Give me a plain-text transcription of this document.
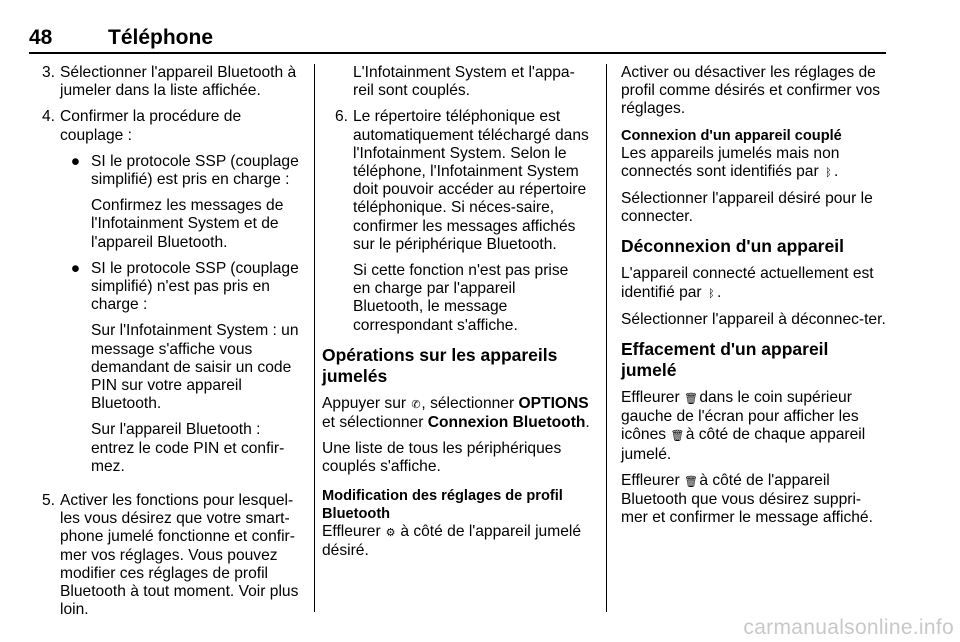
48	Téléphone
3. Sélectionner l'appareil Bluetooth à jumeler dans la liste affichée.

4. Confirmer la procédure de couplage :

● SI le protocole SSP (couplage simplifié) est pris en charge :

Confirmez les messages de l'Infotainment System et de l'appareil Bluetooth.

● SI le protocole SSP (couplage simplifié) n'est pas pris en charge :

Sur l'Infotainment System : un message s'affiche vous demandant de saisir un code PIN sur votre appareil Bluetooth.

Sur l'appareil Bluetooth : entrez le code PIN et confir-mez.

5. Activer les fonctions pour lesquel-les vous désirez que votre smart-phone jumelé fonctionne et confir-mer vos réglages. Vous pouvez modifier ces réglages de profil Bluetooth à tout moment. Voir plus loin.

L'Infotainment System et l'appa-reil sont couplés.

6. Le répertoire téléphonique est automatiquement téléchargé dans l'Infotainment System. Selon le téléphone, l'Infotainment System doit pouvoir accéder au répertoire téléphonique. Si néces-saire, confirmer les messages affichés sur le périphérique Bluetooth.

Si cette fonction n'est pas prise en charge par l'appareil Bluetooth, le message correspondant s'affiche.

Opérations sur les appareils jumelés

Appuyer sur ✆, sélectionner OPTIONS et sélectionner Connexion Bluetooth.

Une liste de tous les périphériques couplés s'affiche.

Modification des réglages de profil Bluetooth

Effleurer ⚙ à côté de l'appareil jumelé désiré.

Activer ou désactiver les réglages de profil comme désirés et confirmer vos réglages.

Connexion d'un appareil couplé

Les appareils jumelés mais non connectés sont identifiés par ᛒ .

Sélectionner l'appareil désiré pour le connecter.

Déconnexion d'un appareil

L'appareil connecté actuellement est identifié par ᛒ .

Sélectionner l'appareil à déconnec-ter.

Effacement d'un appareil jumelé

Effleurer 🗑 dans le coin supérieur gauche de l'écran pour afficher les icônes 🗑 à côté de chaque appareil jumelé.

Effleurer 🗑 à côté de l'appareil Bluetooth que vous désirez suppri-mer et confirmer le message affiché.

carmanualsonline.info
